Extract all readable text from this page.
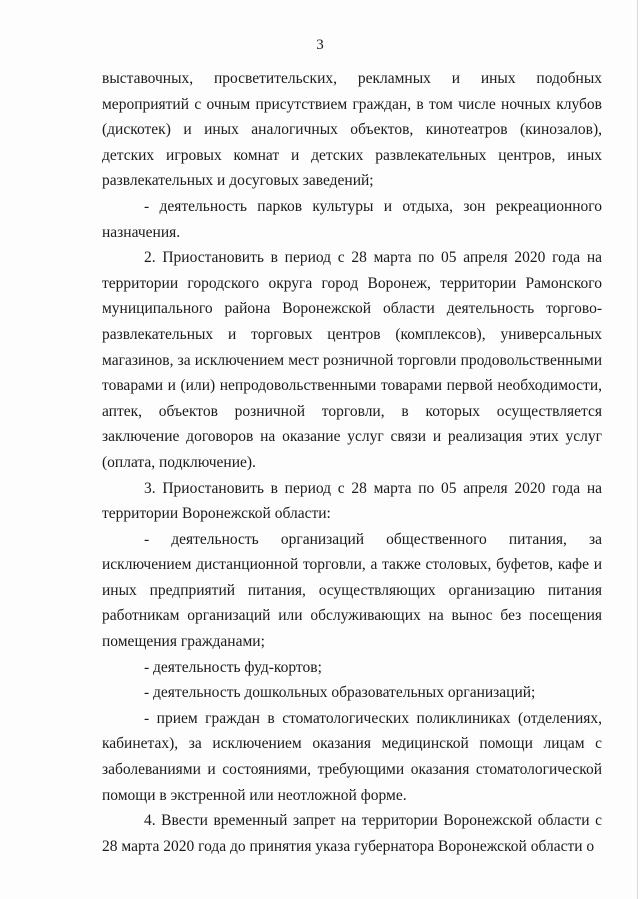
3

выставочных, просветительских, рекламных и иных подобных мероприятий с очным присутствием граждан, в том числе ночных клубов (дискотек) и иных аналогичных объектов, кинотеатров (кинозалов), детских игровых комнат и детских развлекательных центров, иных развлекательных и досуговых заведений;

- деятельность парков культуры и отдыха, зон рекреационного назначения.

2. Приостановить в период с 28 марта по 05 апреля 2020 года на территории городского округа город Воронеж, территории Рамонского муниципального района Воронежской области деятельность торгово-развлекательных и торговых центров (комплексов), универсальных магазинов, за исключением мест розничной торговли продовольственными товарами и (или) непродовольственными товарами первой необходимости, аптек, объектов розничной торговли, в которых осуществляется заключение договоров на оказание услуг связи и реализация этих услуг (оплата, подключение).

3. Приостановить в период с 28 марта по 05 апреля 2020 года на территории Воронежской области:

- деятельность организаций общественного питания, за исключением дистанционной торговли, а также столовых, буфетов, кафе и иных предприятий питания, осуществляющих организацию питания работникам организаций или обслуживающих на вынос без посещения помещения гражданами;

- деятельность фуд-кортов;

- деятельность дошкольных образовательных организаций;

- прием граждан в стоматологических поликлиниках (отделениях, кабинетах), за исключением оказания медицинской помощи лицам с заболеваниями и состояниями, требующими оказания стоматологической помощи в экстренной или неотложной форме.

4. Ввести временный запрет на территории Воронежской области с 28 марта 2020 года до принятия указа губернатора Воронежской области о
